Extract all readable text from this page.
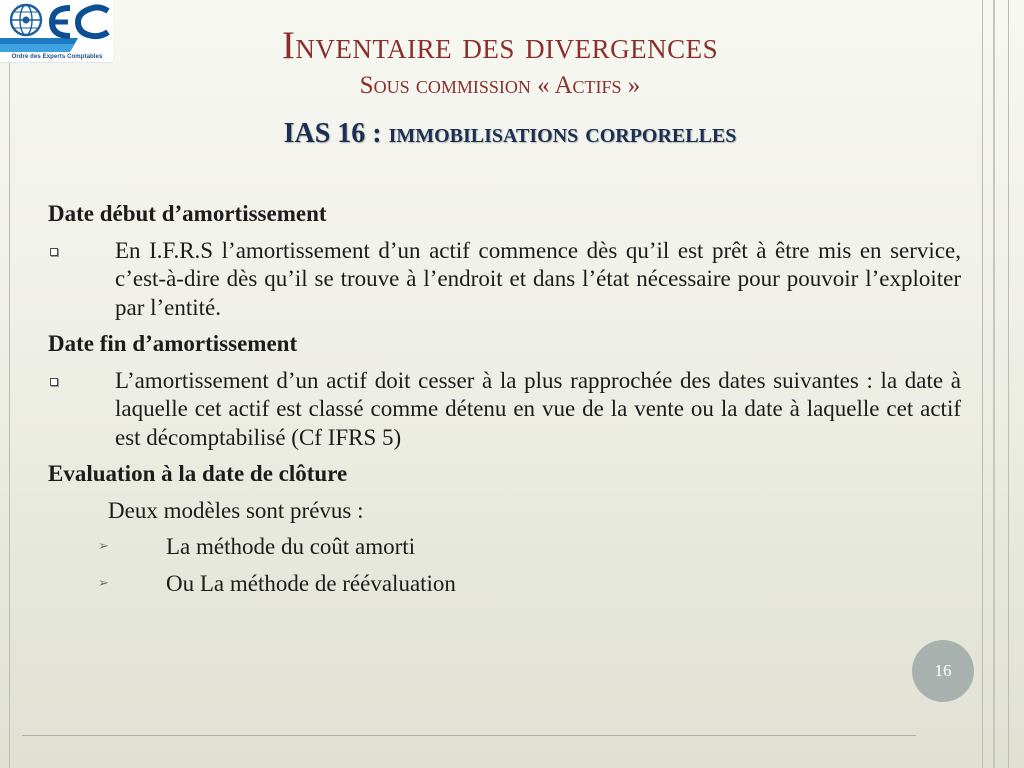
Ordre des Experts Comptables	Inventaire des divergences
Sous commission « Actifs »
IAS 16 : immobilisations corporelles

Date début d’amortissement

En I.F.R.S l’amortissement d’un actif commence dès qu’il est prêt à être mis en service, c’est-à-dire dès qu’il se trouve à l’endroit et dans l’état nécessaire pour pouvoir l’exploiter par l’entité.

Date fin d’amortissement

L’amortissement d’un actif doit cesser à la plus rapprochée des dates suivantes : la date à laquelle cet actif est classé comme détenu en vue de la vente ou la date à laquelle cet actif est décomptabilisé (Cf IFRS 5)

Evaluation à la date de clôture

Deux modèles sont prévus :

➢ La méthode du coût amorti
➢ Ou La méthode de réévaluation
16
